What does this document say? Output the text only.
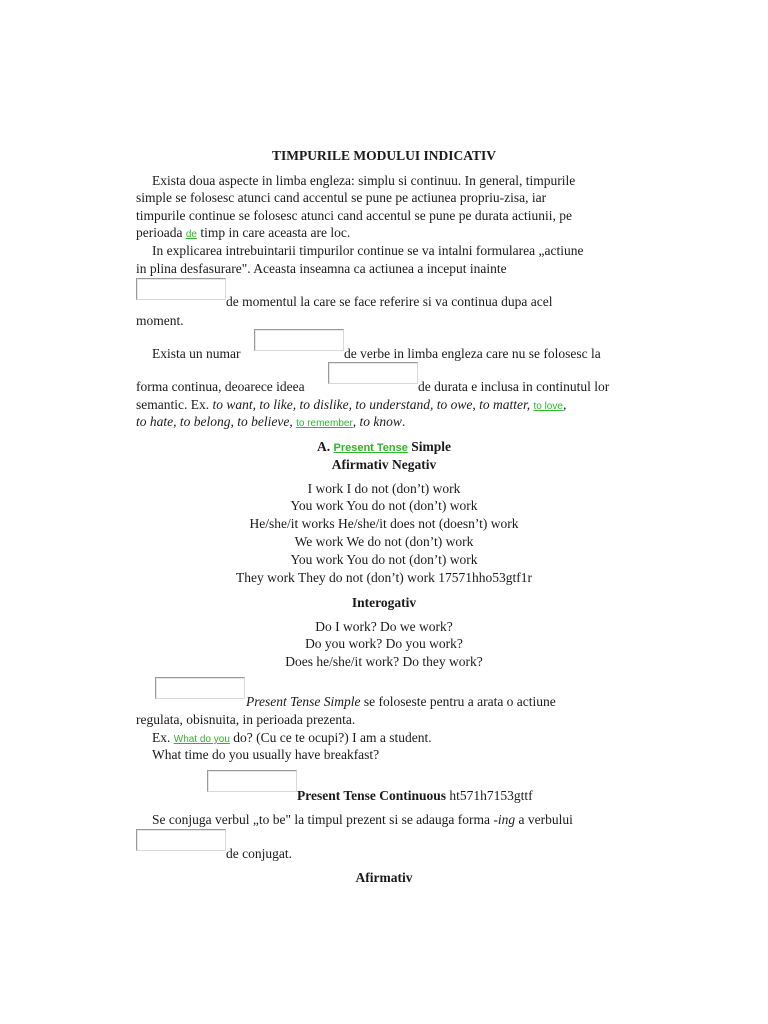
TIMPURILE MODULUI INDICATIV
Exista doua aspecte in limba engleza: simplu si continuu. In general, timpurile
simple se folosesc atunci cand accentul se pune pe actiunea propriu-zisa, iar
timpurile continue se folosesc atunci cand accentul se pune pe durata actiunii, pe
perioada de timp in care aceasta are loc.
In explicarea intrebuintarii timpurilor continue se va intalni formularea „actiune
in plina desfasurare". Aceasta inseamna ca actiunea a inceput inainte
de momentul la care se face referire si va continua dupa acel
moment.
Exista un numar	de verbe in limba engleza care nu se folosesc la
forma continua, deoarece ideea	de durata e inclusa in continutul lor
semantic. Ex. to want, to like, to dislike, to understand, to owe, to matter, to love,
to hate, to belong, to believe, to remember, to know.
A. Present Tense Simple
Afirmativ Negativ
I work I do not (don’t) work
You work You do not (don’t) work
He/she/it works He/she/it does not (doesn’t) work
We work We do not (don’t) work
You work You do not (don’t) work
They work They do not (don’t) work 17571hho53gtf1r
Interogativ
Do I work? Do we work?
Do you work? Do you work?
Does he/she/it work? Do they work?
Present Tense Simple se foloseste pentru a arata o actiune
regulata, obisnuita, in perioada prezenta.
Ex. What do you do? (Cu ce te ocupi?) I am a student.
What time do you usually have breakfast?
Present Tense Continuous ht571h7153gttf
Se conjuga verbul „to be" la timpul prezent si se adauga forma -ing a verbului
de conjugat.
Afirmativ
